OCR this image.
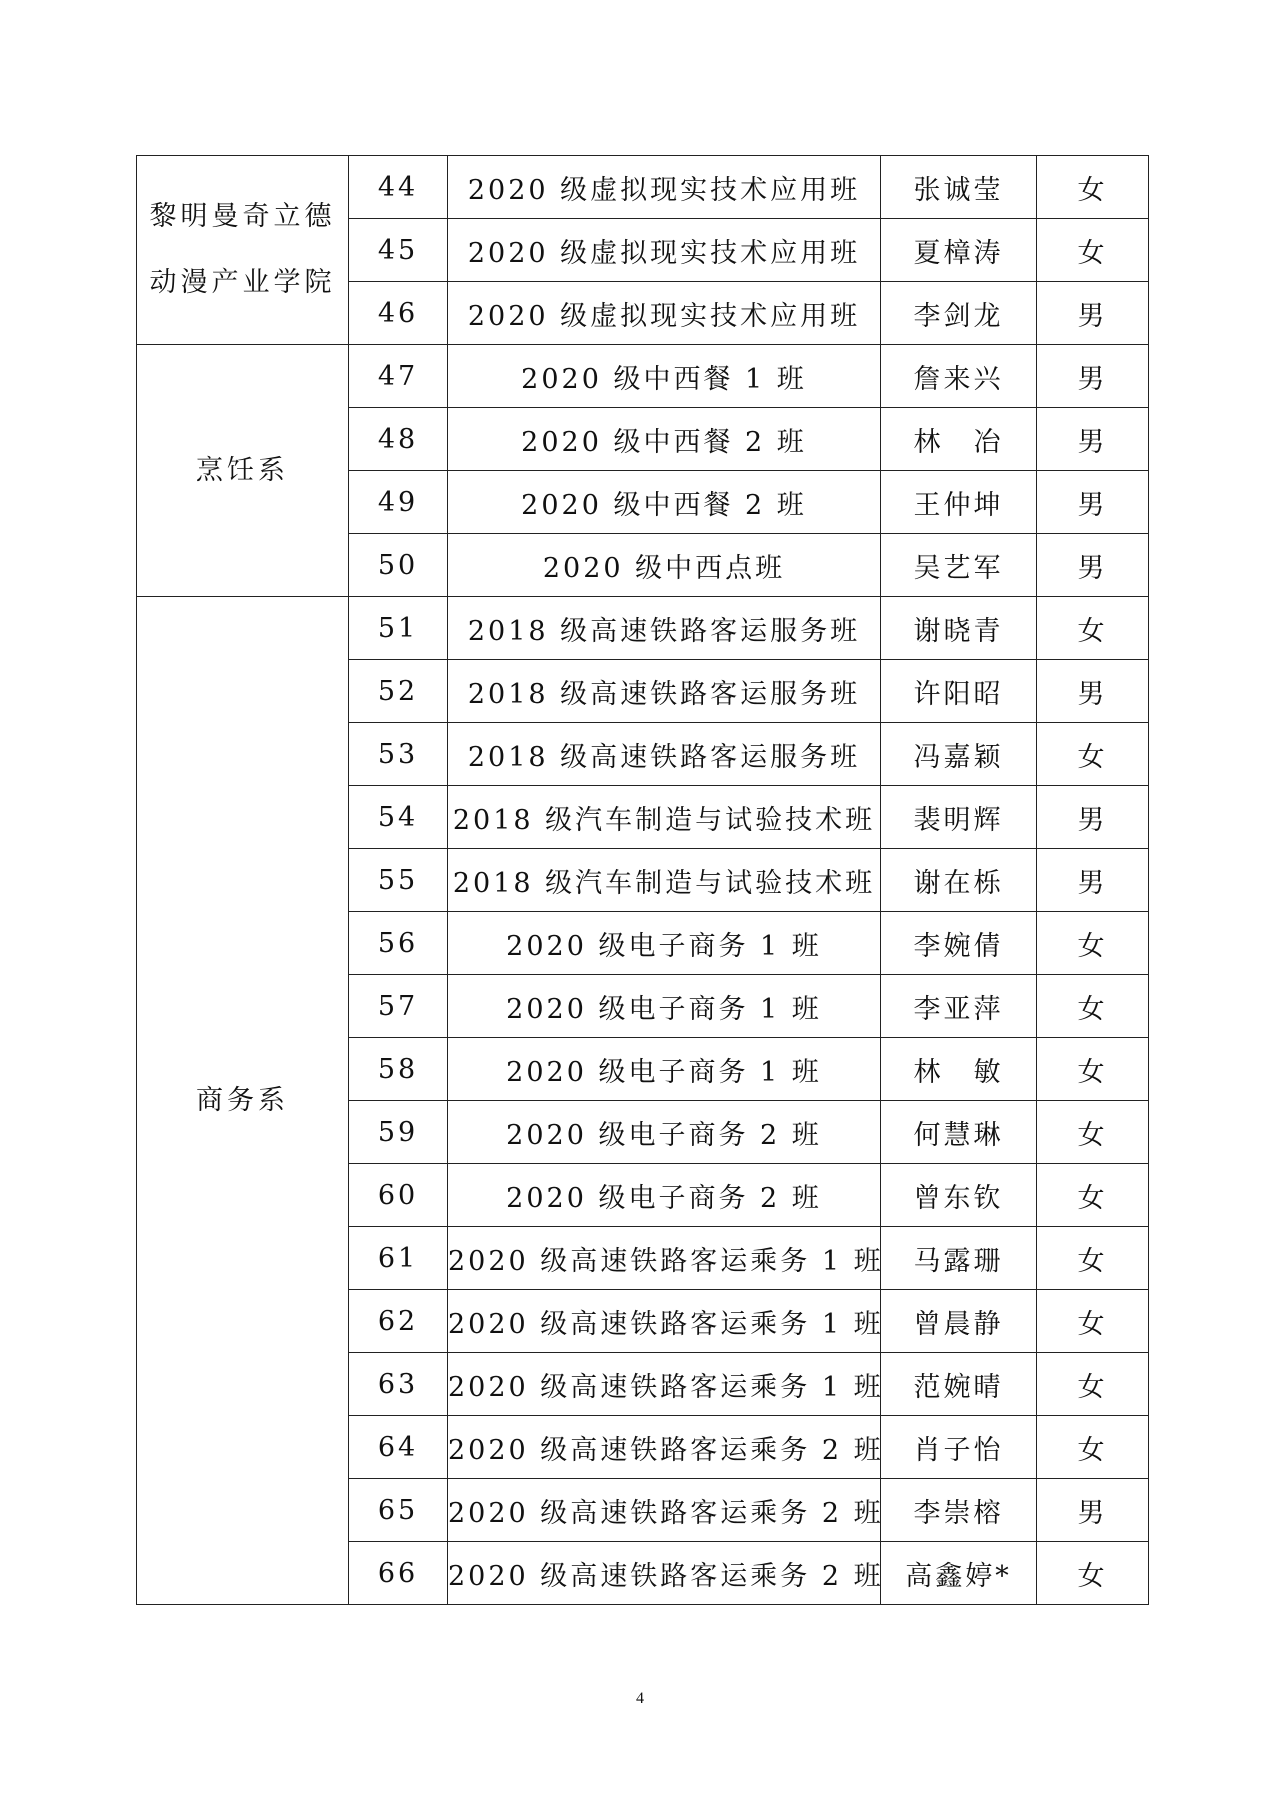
黎明曼奇立德
动漫产业学院	44	2020 级虚拟现实技术应用班	张诚莹	女
	45	2020 级虚拟现实技术应用班	夏樟涛	女
	46	2020 级虚拟现实技术应用班	李剑龙	男
烹饪系	47	2020 级中西餐 1 班	詹来兴	男
	48	2020 级中西餐 2 班	林　冶	男
	49	2020 级中西餐 2 班	王仲坤	男
	50	2020 级中西点班	吴艺军	男
商务系	51	2018 级高速铁路客运服务班	谢晓青	女
	52	2018 级高速铁路客运服务班	许阳昭	男
	53	2018 级高速铁路客运服务班	冯嘉颖	女
	54	2018 级汽车制造与试验技术班	裴明辉	男
	55	2018 级汽车制造与试验技术班	谢在栎	男
	56	2020 级电子商务 1 班	李婉倩	女
	57	2020 级电子商务 1 班	李亚萍	女
	58	2020 级电子商务 1 班	林　敏	女
	59	2020 级电子商务 2 班	何慧琳	女
	60	2020 级电子商务 2 班	曾东钦	女
	61	2020 级高速铁路客运乘务 1 班	马露珊	女
	62	2020 级高速铁路客运乘务 1 班	曾晨静	女
	63	2020 级高速铁路客运乘务 1 班	范婉晴	女
	64	2020 级高速铁路客运乘务 2 班	肖子怡	女
	65	2020 级高速铁路客运乘务 2 班	李崇榕	男
	66	2020 级高速铁路客运乘务 2 班	高鑫婷*	女
4
